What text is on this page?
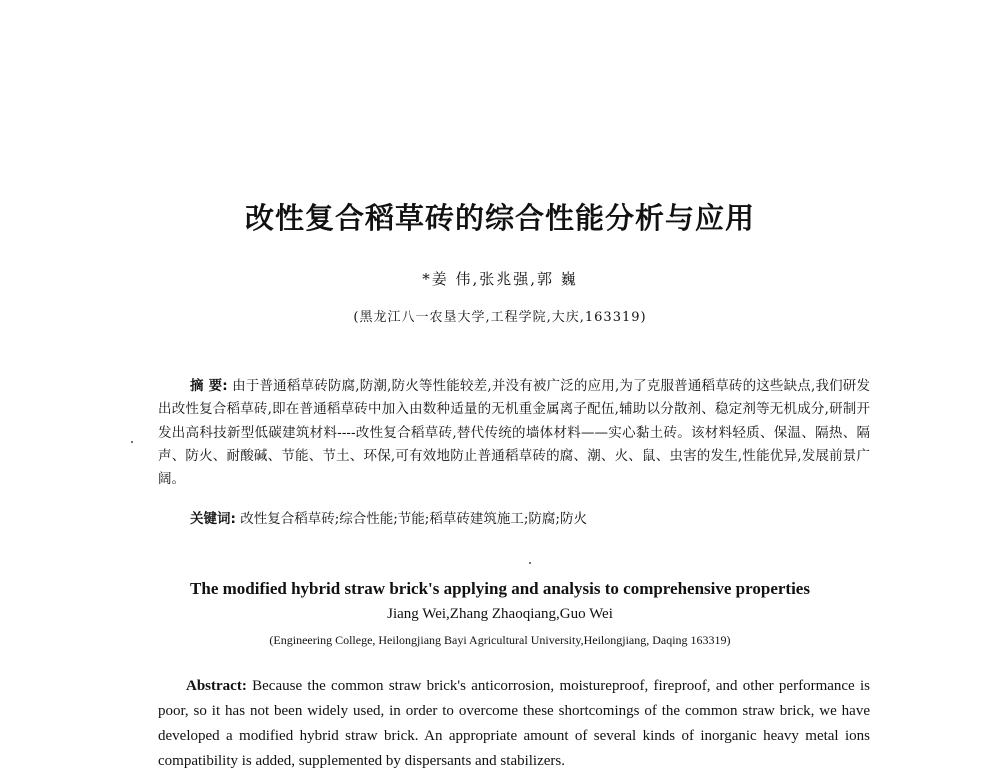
改性复合稻草砖的综合性能分析与应用
*姜 伟,张兆强,郭 巍
(黑龙江八一农垦大学,工程学院,大庆,163319)
摘 要: 由于普通稻草砖防腐,防潮,防火等性能较差,并没有被广泛的应用,为了克服普通稻草砖的这些缺点,我们研发出改性复合稻草砖,即在普通稻草砖中加入由数种适量的无机重金属离子配伍,辅助以分散剂、稳定剂等无机成分,研制开发出高科技新型低碳建筑材料----改性复合稻草砖,替代传统的墙体材料——实心黏土砖。该材料轻质、保温、隔热、隔声、防火、耐酸碱、节能、节土、环保,可有效地防止普通稻草砖的腐、潮、火、鼠、虫害的发生,性能优异,发展前景广阔。
关键词: 改性复合稻草砖;综合性能;节能;稻草砖建筑施工;防腐;防火
The modified hybrid straw brick's applying and analysis to comprehensive properties
Jiang Wei,Zhang Zhaoqiang,Guo Wei
(Engineering College, Heilongjiang Bayi Agricultural University,Heilongjiang, Daqing 163319)
Abstract: Because the common straw brick's anticorrosion, moistureproof, fireproof, and other performance is poor, so it has not been widely used, in order to overcome these shortcomings of the common straw brick, we have developed a modified hybrid straw brick. An appropriate amount of several kinds of inorganic heavy metal ions compatibility is added, supplemented by dispersants and stabilizers.
